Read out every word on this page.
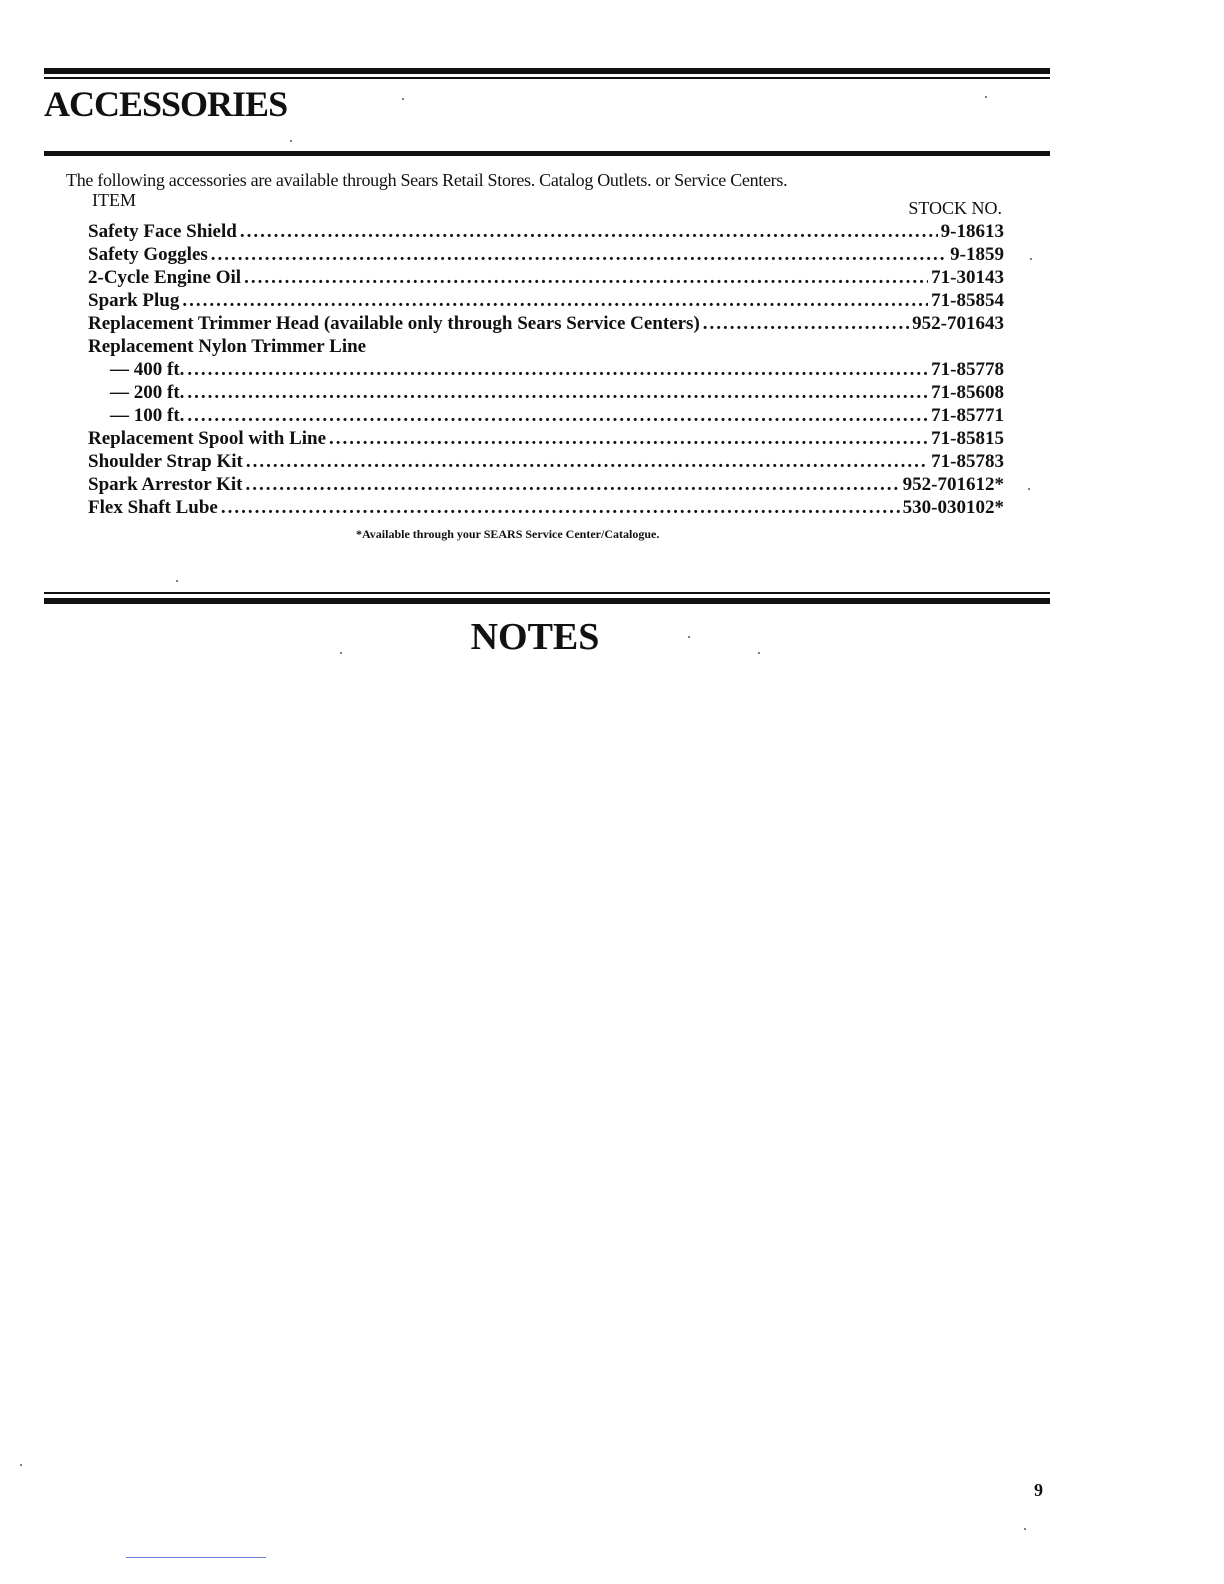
ACCESSORIES

The following accessories are available through Sears Retail Stores. Catalog Outlets. or Service Centers.

ITEM	STOCK NO.
Safety Face Shield .....	9-18613
Safety Goggles .....	9-1859
2-Cycle Engine Oil .....	71-30143
Spark Plug .....	71-85854
Replacement Trimmer Head (available only through Sears Service Centers) .....	952-701643
Replacement Nylon Trimmer Line
— 400 ft. .....	71-85778
— 200 ft. .....	71-85608
— 100 ft. .....	71-85771
Replacement Spool with Line .....	71-85815
Shoulder Strap Kit .....	71-85783
Spark Arrestor Kit .....	952-701612*
Flex Shaft Lube .....	530-030102*
*Available through your SEARS Service Center/Catalogue.
NOTES
9
